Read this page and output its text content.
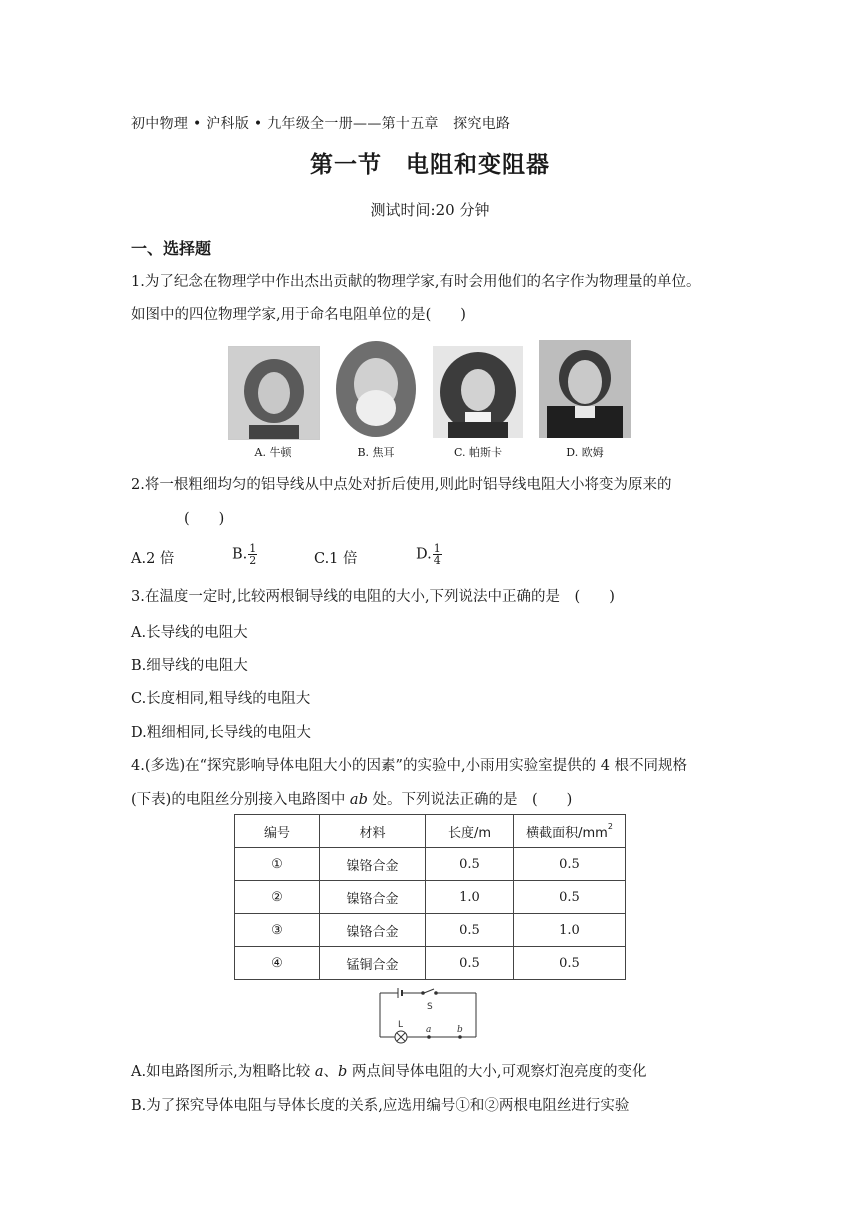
初中物理 • 沪科版 • 九年级全一册——第十五章　探究电路
第一节　电阻和变阻器
测试时间:20 分钟
一、选择题
1.为了纪念在物理学中作出杰出贡献的物理学家,有时会用他们的名字作为物理量的单位。
如图中的四位物理学家,用于命名电阻单位的是(　　)
A. 牛顿	B. 焦耳	C. 帕斯卡	D. 欧姆
2.将一根粗细均匀的铝导线从中点处对折后使用,则此时铝导线电阻大小将变为原来的
(　　)
A.2 倍	B. $\frac{1}{2}$	C.1 倍	D. $\frac{1}{4}$
3.在温度一定时,比较两根铜导线的电阻的大小,下列说法中正确的是　(　　)
A.长导线的电阻大
B.细导线的电阻大
C.长度相同,粗导线的电阻大
D.粗细相同,长导线的电阻大
4.(多选)在“探究影响导体电阻大小的因素”的实验中,小雨用实验室提供的 4 根不同规格
(下表)的电阻丝分别接入电路图中 ab 处。下列说法正确的是　(　　)
编号	材料	长度/m	横截面积$/mm^2$
①	镍铬合金	0.5	0.5
②	镍铬合金	1.0	0.5
③	镍铬合金	0.5	1.0
④	锰铜合金	0.5	0.5
S
L	a	b
A.如电路图所示,为粗略比较 a、b 两点间导体电阻的大小,可观察灯泡亮度的变化
B.为了探究导体电阻与导体长度的关系,应选用编号①和②两根电阻丝进行实验
